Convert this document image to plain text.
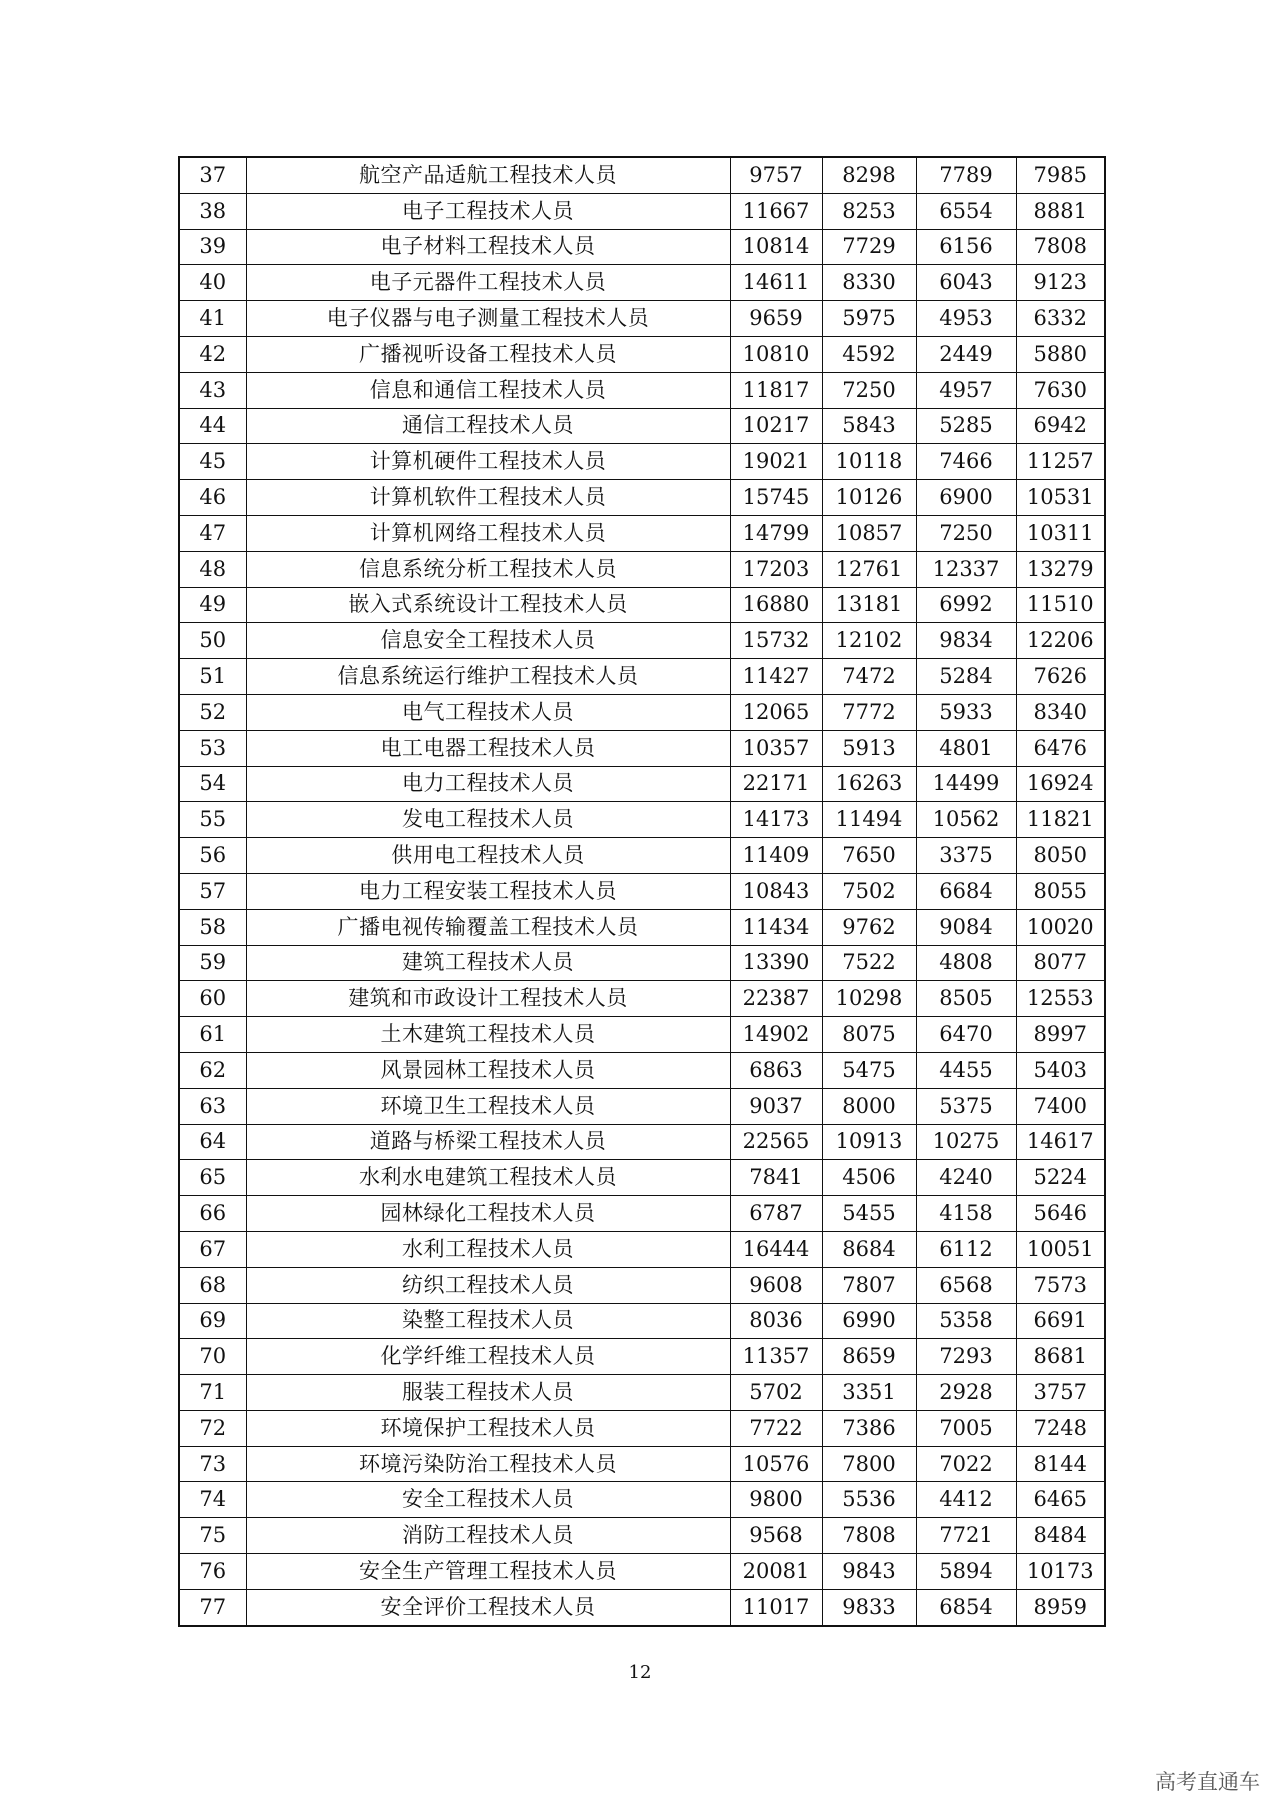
37	航空产品适航工程技术人员	9757	8298	7789	7985
38	电子工程技术人员	11667	8253	6554	8881
39	电子材料工程技术人员	10814	7729	6156	7808
40	电子元器件工程技术人员	14611	8330	6043	9123
41	电子仪器与电子测量工程技术人员	9659	5975	4953	6332
42	广播视听设备工程技术人员	10810	4592	2449	5880
43	信息和通信工程技术人员	11817	7250	4957	7630
44	通信工程技术人员	10217	5843	5285	6942
45	计算机硬件工程技术人员	19021	10118	7466	11257
46	计算机软件工程技术人员	15745	10126	6900	10531
47	计算机网络工程技术人员	14799	10857	7250	10311
48	信息系统分析工程技术人员	17203	12761	12337	13279
49	嵌入式系统设计工程技术人员	16880	13181	6992	11510
50	信息安全工程技术人员	15732	12102	9834	12206
51	信息系统运行维护工程技术人员	11427	7472	5284	7626
52	电气工程技术人员	12065	7772	5933	8340
53	电工电器工程技术人员	10357	5913	4801	6476
54	电力工程技术人员	22171	16263	14499	16924
55	发电工程技术人员	14173	11494	10562	11821
56	供用电工程技术人员	11409	7650	3375	8050
57	电力工程安装工程技术人员	10843	7502	6684	8055
58	广播电视传输覆盖工程技术人员	11434	9762	9084	10020
59	建筑工程技术人员	13390	7522	4808	8077
60	建筑和市政设计工程技术人员	22387	10298	8505	12553
61	土木建筑工程技术人员	14902	8075	6470	8997
62	风景园林工程技术人员	6863	5475	4455	5403
63	环境卫生工程技术人员	9037	8000	5375	7400
64	道路与桥梁工程技术人员	22565	10913	10275	14617
65	水利水电建筑工程技术人员	7841	4506	4240	5224
66	园林绿化工程技术人员	6787	5455	4158	5646
67	水利工程技术人员	16444	8684	6112	10051
68	纺织工程技术人员	9608	7807	6568	7573
69	染整工程技术人员	8036	6990	5358	6691
70	化学纤维工程技术人员	11357	8659	7293	8681
71	服装工程技术人员	5702	3351	2928	3757
72	环境保护工程技术人员	7722	7386	7005	7248
73	环境污染防治工程技术人员	10576	7800	7022	8144
74	安全工程技术人员	9800	5536	4412	6465
75	消防工程技术人员	9568	7808	7721	8484
76	安全生产管理工程技术人员	20081	9843	5894	10173
77	安全评价工程技术人员	11017	9833	6854	8959
12
高考直通车
